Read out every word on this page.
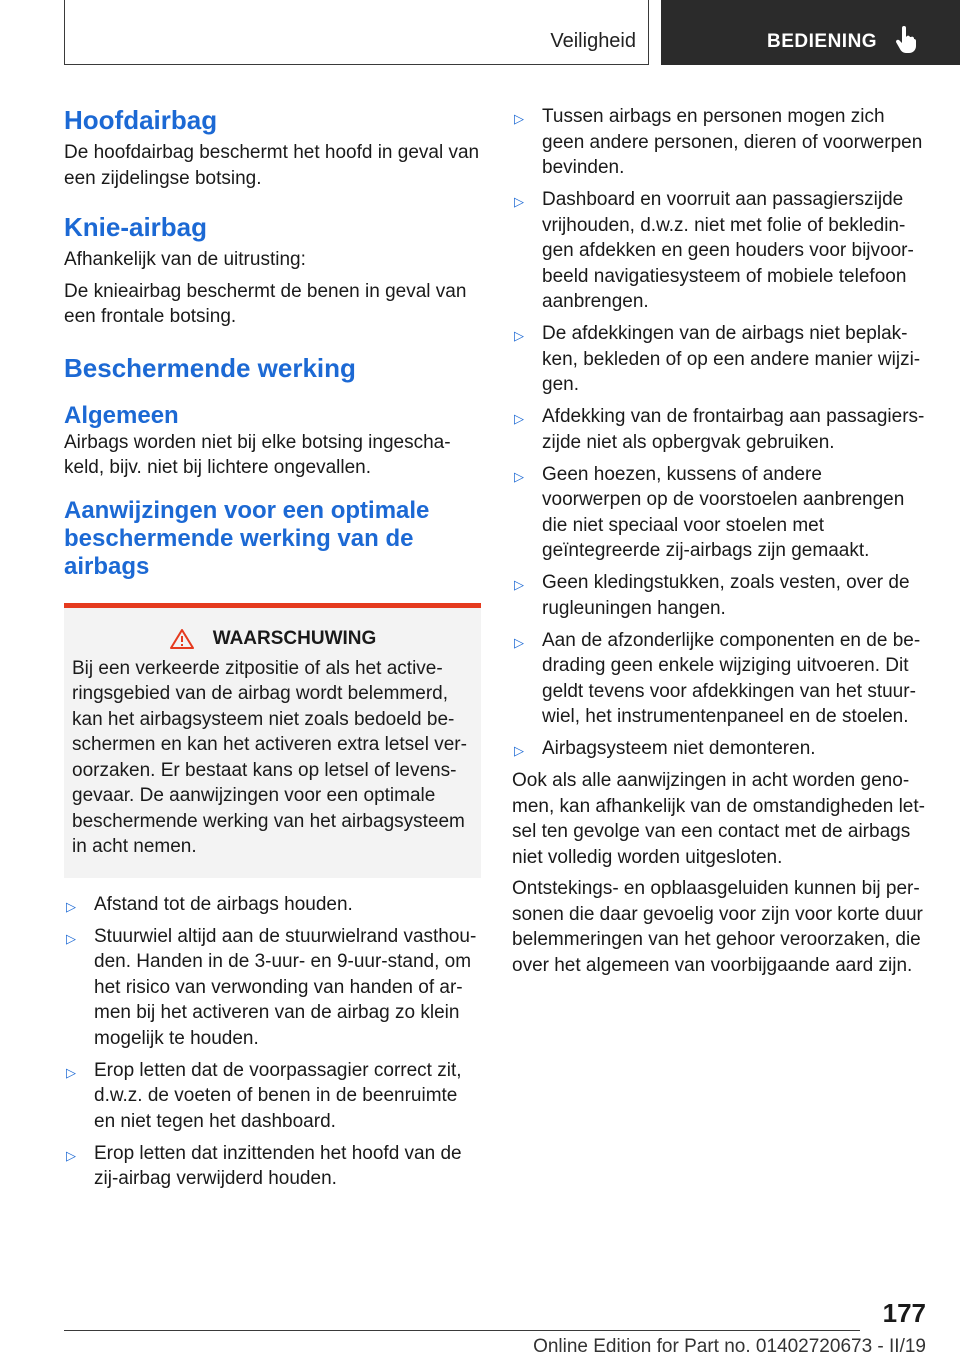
Veiligheid	BEDIENING
Hoofdairbag

De hoofdairbag beschermt het hoofd in geval van een zijdelingse botsing.

Knie-airbag

Afhankelijk van de uitrusting:

De knieairbag beschermt de benen in geval van een frontale botsing.

Beschermende werking
Algemeen

Airbags worden niet bij elke botsing ingeschakeld, bijv. niet bij lichtere ongevallen.

Aanwijzingen voor een optimale beschermende werking van de airbags
WAARSCHUWING

Bij een verkeerde zitpositie of als het activeringsgebied van de airbag wordt belemmerd, kan het airbagsysteem niet zoals bedoeld beschermen en kan het activeren extra letsel veroorzaken. Er bestaat kans op letsel of levensgevaar. De aanwijzingen voor een optimale beschermende werking van het airbagsysteem in acht nemen.

▷ Afstand tot de airbags houden.
▷ Stuurwiel altijd aan de stuurwielrand vasthouden. Handen in de 3-uur- en 9-uur-stand, om het risico van verwonding van handen of armen bij het activeren van de airbag zo klein mogelijk te houden.
▷ Erop letten dat de voorpassagier correct zit, d.w.z. de voeten of benen in de beenruimte en niet tegen het dashboard.
▷ Erop letten dat inzittenden het hoofd van de zij-airbag verwijderd houden.
▷ Tussen airbags en personen mogen zich geen andere personen, dieren of voorwerpen bevinden.
▷ Dashboard en voorruit aan passagierszijde vrijhouden, d.w.z. niet met folie of bekledingen afdekken en geen houders voor bijvoorbeeld navigatiesysteem of mobiele telefoon aanbrengen.
▷ De afdekkingen van de airbags niet beplakken, bekleden of op een andere manier wijzigen.
▷ Afdekking van de frontairbag aan passagierszijde niet als opbergvak gebruiken.
▷ Geen hoezen, kussens of andere voorwerpen op de voorstoelen aanbrengen die niet speciaal voor stoelen met geïntegreerde zij-airbags zijn gemaakt.
▷ Geen kledingstukken, zoals vesten, over de rugleuningen hangen.
▷ Aan de afzonderlijke componenten en de bedrading geen enkele wijziging uitvoeren. Dit geldt tevens voor afdekkingen van het stuurwiel, het instrumentenpaneel en de stoelen.
▷ Airbagsysteem niet demonteren.

Ook als alle aanwijzingen in acht worden genomen, kan afhankelijk van de omstandigheden letsel ten gevolge van een contact met de airbags niet volledig worden uitgesloten.

Ontstekings- en opblaasgeluiden kunnen bij personen die daar gevoelig voor zijn voor korte duur belemmeringen van het gehoor veroorzaken, die over het algemeen van voorbijgaande aard zijn.

177
Online Edition for Part no. 01402720673 - II/19
